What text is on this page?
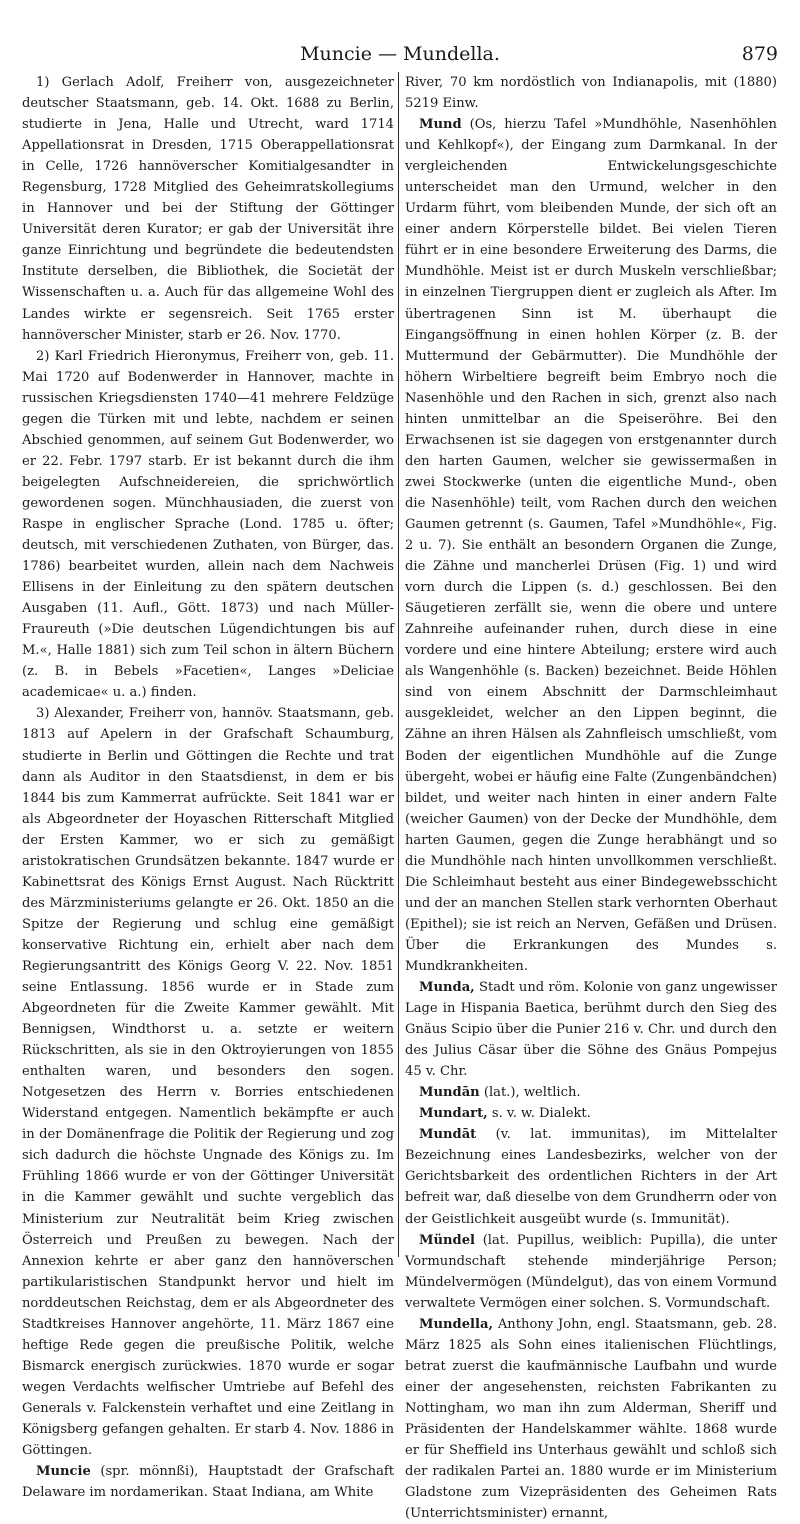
Muncie — Mundella.	879

1) Gerlach Adolf, Freiherr von, ausgezeichneter deutscher Staatsmann, geb. 14. Okt. 1688 zu Berlin, studierte in Jena, Halle und Utrecht, ward 1714 Appellationsrat in Dresden, 1715 Oberappellationsrat in Celle, 1726 hannöverscher Komitialgesandter in Regensburg, 1728 Mitglied des Geheimratskollegiums in Hannover und bei der Stiftung der Göttinger Universität deren Kurator; er gab der Universität ihre ganze Einrichtung und begründete die bedeutendsten Institute derselben, die Bibliothek, die Societät der Wissenschaften u. a. Auch für das allgemeine Wohl des Landes wirkte er segensreich. Seit 1765 erster hannöverscher Minister, starb er 26. Nov. 1770.

2) Karl Friedrich Hieronymus, Freiherr von, geb. 11. Mai 1720 auf Bodenwerder in Hannover, machte in russischen Kriegsdiensten 1740—41 mehrere Feldzüge gegen die Türken mit und lebte, nachdem er seinen Abschied genommen, auf seinem Gut Bodenwerder, wo er 22. Febr. 1797 starb. Er ist bekannt durch die ihm beigelegten Aufschneidereien, die sprichwörtlich gewordenen sogen. Münchhausiaden, die zuerst von Raspe in englischer Sprache (Lond. 1785 u. öfter; deutsch, mit verschiedenen Zuthaten, von Bürger, das. 1786) bearbeitet wurden, allein nach dem Nachweis Ellisens in der Einleitung zu den spätern deutschen Ausgaben (11. Aufl., Gött. 1873) und nach Müller-Fraureuth (»Die deutschen Lügendichtungen bis auf M.«, Halle 1881) sich zum Teil schon in ältern Büchern (z. B. in Bebels »Facetien«, Langes »Deliciae academicae« u. a.) finden.

3) Alexander, Freiherr von, hannöv. Staatsmann, geb. 1813 auf Apelern in der Grafschaft Schaumburg, studierte in Berlin und Göttingen die Rechte und trat dann als Auditor in den Staatsdienst, in dem er bis 1844 bis zum Kammerrat aufrückte. Seit 1841 war er als Abgeordneter der Hoyaschen Ritterschaft Mitglied der Ersten Kammer, wo er sich zu gemäßigt aristokratischen Grundsätzen bekannte. 1847 wurde er Kabinettsrat des Königs Ernst August. Nach Rücktritt des Märzministeriums gelangte er 26. Okt. 1850 an die Spitze der Regierung und schlug eine gemäßigt konservative Richtung ein, erhielt aber nach dem Regierungsantritt des Königs Georg V. 22. Nov. 1851 seine Entlassung. 1856 wurde er in Stade zum Abgeordneten für die Zweite Kammer gewählt. Mit Bennigsen, Windthorst u. a. setzte er weitern Rückschritten, als sie in den Oktroyierungen von 1855 enthalten waren, und besonders den sogen. Notgesetzen des Herrn v. Borries entschiedenen Widerstand entgegen. Namentlich bekämpfte er auch in der Domänenfrage die Politik der Regierung und zog sich dadurch die höchste Ungnade des Königs zu. Im Frühling 1866 wurde er von der Göttinger Universität in die Kammer gewählt und suchte vergeblich das Ministerium zur Neutralität beim Krieg zwischen Österreich und Preußen zu bewegen. Nach der Annexion kehrte er aber ganz den hannöverschen partikularistischen Standpunkt hervor und hielt im norddeutschen Reichstag, dem er als Abgeordneter des Stadtkreises Hannover angehörte, 11. März 1867 eine heftige Rede gegen die preußische Politik, welche Bismarck energisch zurückwies. 1870 wurde er sogar wegen Verdachts welfischer Umtriebe auf Befehl des Generals v. Falckenstein verhaftet und eine Zeitlang in Königsberg gefangen gehalten. Er starb 4. Nov. 1886 in Göttingen.

Muncie (spr. mönnßi), Hauptstadt der Grafschaft Delaware im nordamerikan. Staat Indiana, am White

River, 70 km nordöstlich von Indianapolis, mit (1880) 5219 Einw.

Mund (Os, hierzu Tafel »Mundhöhle, Nasenhöhlen und Kehlkopf«), der Eingang zum Darmkanal. In der vergleichenden Entwickelungsgeschichte unterscheidet man den Urmund, welcher in den Urdarm führt, vom bleibenden Munde, der sich oft an einer andern Körperstelle bildet. Bei vielen Tieren führt er in eine besondere Erweiterung des Darms, die Mundhöhle. Meist ist er durch Muskeln verschließbar; in einzelnen Tiergruppen dient er zugleich als After. Im übertragenen Sinn ist M. überhaupt die Eingangsöffnung in einen hohlen Körper (z. B. der Muttermund der Gebärmutter). Die Mundhöhle der höhern Wirbeltiere begreift beim Embryo noch die Nasenhöhle und den Rachen in sich, grenzt also nach hinten unmittelbar an die Speiseröhre. Bei den Erwachsenen ist sie dagegen von erstgenannter durch den harten Gaumen, welcher sie gewissermaßen in zwei Stockwerke (unten die eigentliche Mund-, oben die Nasenhöhle) teilt, vom Rachen durch den weichen Gaumen getrennt (s. Gaumen, Tafel »Mundhöhle«, Fig. 2 u. 7). Sie enthält an besondern Organen die Zunge, die Zähne und mancherlei Drüsen (Fig. 1) und wird vorn durch die Lippen (s. d.) geschlossen. Bei den Säugetieren zerfällt sie, wenn die obere und untere Zahnreihe aufeinander ruhen, durch diese in eine vordere und eine hintere Abteilung; erstere wird auch als Wangenhöhle (s. Backen) bezeichnet. Beide Höhlen sind von einem Abschnitt der Darmschleimhaut ausgekleidet, welcher an den Lippen beginnt, die Zähne an ihren Hälsen als Zahnfleisch umschließt, vom Boden der eigentlichen Mundhöhle auf die Zunge übergeht, wobei er häufig eine Falte (Zungenbändchen) bildet, und weiter nach hinten in einer andern Falte (weicher Gaumen) von der Decke der Mundhöhle, dem harten Gaumen, gegen die Zunge herabhängt und so die Mundhöhle nach hinten unvollkommen verschließt. Die Schleimhaut besteht aus einer Bindegewebsschicht und der an manchen Stellen stark verhornten Oberhaut (Epithel); sie ist reich an Nerven, Gefäßen und Drüsen. Über die Erkrankungen des Mundes s. Mundkrankheiten.

Munda, Stadt und röm. Kolonie von ganz ungewisser Lage in Hispania Baetica, berühmt durch den Sieg des Gnäus Scipio über die Punier 216 v. Chr. und durch den des Julius Cäsar über die Söhne des Gnäus Pompejus 45 v. Chr.

Mundān (lat.), weltlich.

Mundart, s. v. w. Dialekt.

Mundāt (v. lat. immunitas), im Mittelalter Bezeichnung eines Landesbezirks, welcher von der Gerichtsbarkeit des ordentlichen Richters in der Art befreit war, daß dieselbe von dem Grundherrn oder von der Geistlichkeit ausgeübt wurde (s. Immunität).

Mündel (lat. Pupillus, weiblich: Pupilla), die unter Vormundschaft stehende minderjährige Person; Mündelvermögen (Mündelgut), das von einem Vormund verwaltete Vermögen einer solchen. S. Vormundschaft.

Mundella, Anthony John, engl. Staatsmann, geb. 28. März 1825 als Sohn eines italienischen Flüchtlings, betrat zuerst die kaufmännische Laufbahn und wurde einer der angesehensten, reichsten Fabrikanten zu Nottingham, wo man ihn zum Alderman, Sheriff und Präsidenten der Handelskammer wählte. 1868 wurde er für Sheffield ins Unterhaus gewählt und schloß sich der radikalen Partei an. 1880 wurde er im Ministerium Gladstone zum Vizepräsidenten des Geheimen Rats (Unterrichtsminister) ernannt,
